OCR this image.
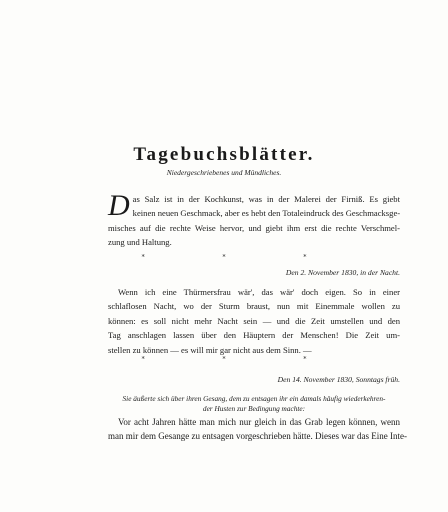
Tagebuchsblätter.
Niedergeschriebenes und Mündliches.
D as Salz ist in der Kochkunst, was in der Malerei der Firniß. Es giebt
keinen neuen Geschmack, aber es hebt den Totaleindruck des Geschmacksge-
misches auf die rechte Weise hervor, und giebt ihm erst die rechte Verschmel-
zung und Haltung.
* * *
Den 2. November 1830, in der Nacht.
Wenn ich eine Thürmersfrau wär', das wär' doch eigen. So in einer
schlaflosen Nacht, wo der Sturm braust, nun mit Einemmale wollen zu
können: es soll nicht mehr Nacht sein — und die Zeit umstellen und den
Tag anschlagen lassen über den Häuptern der Menschen! Die Zeit um-
stellen zu können — es will mir gar nicht aus dem Sinn. —
* * *
Den 14. November 1830, Sonntags früh.
Sie äußerte sich über ihren Gesang, dem zu entsagen ihr ein damals häufig wiederkehren-
der Husten zur Bedingung machte:
Vor acht Jahren hätte man mich nur gleich in das Grab legen können, wenn
man mir dem Gesange zu entsagen vorgeschrieben hätte. Dieses war das Eine Inte-
